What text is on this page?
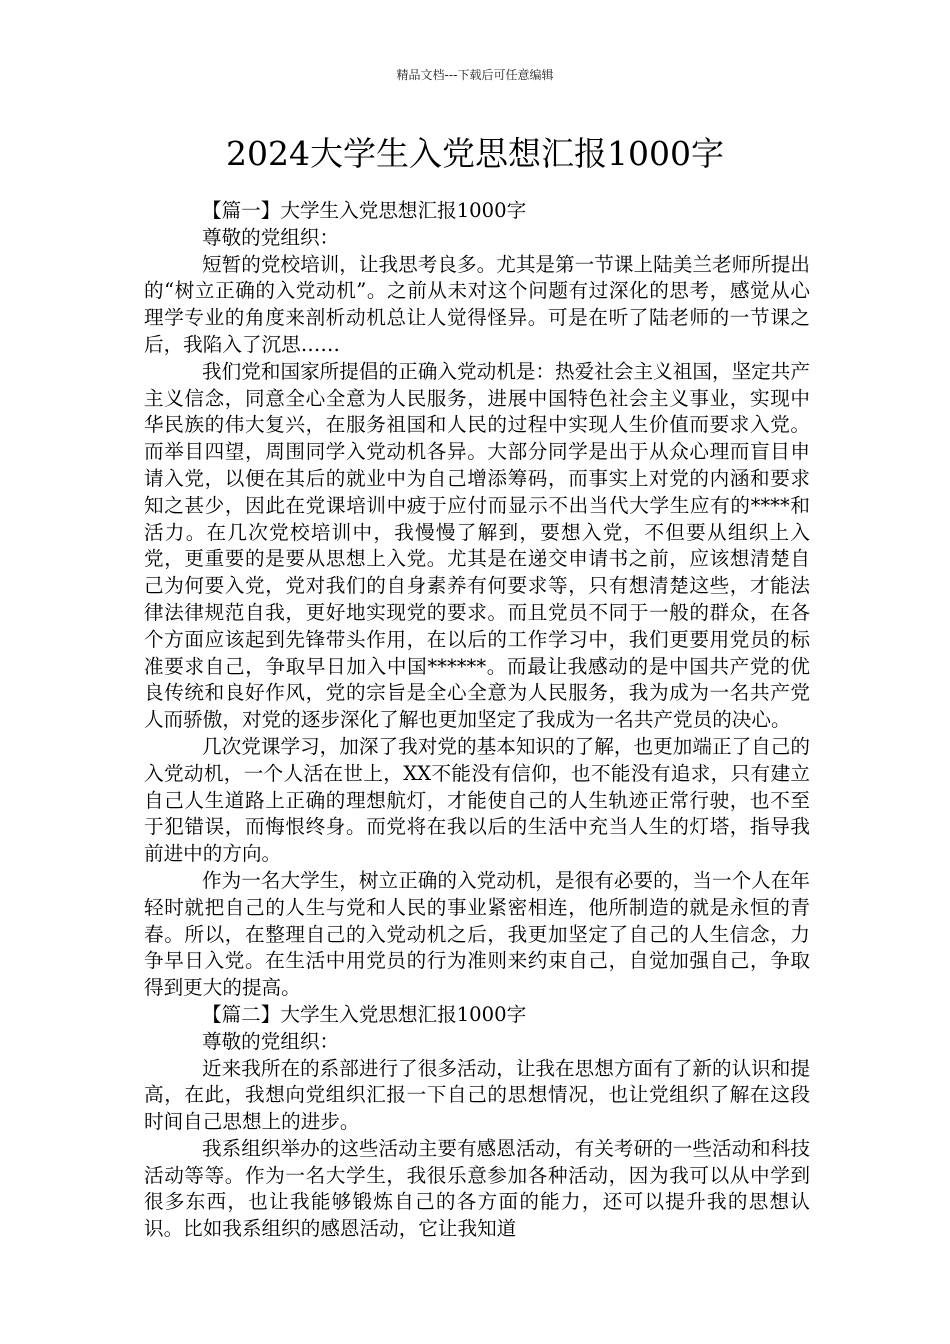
精品文档---下载后可任意编辑
2024大学生入党思想汇报1000字

【篇一】大学生入党思想汇报1000字

尊敬的党组织：

短暂的党校培训，让我思考良多。尤其是第一节课上陆美兰老师所提出的“树立正确的入党动机”。之前从未对这个问题有过深化的思考，感觉从心理学专业的角度来剖析动机总让人觉得怪异。可是在听了陆老师的一节课之后，我陷入了沉思……

我们党和国家所提倡的正确入党动机是：热爱社会主义祖国，坚定共产主义信念，同意全心全意为人民服务，进展中国特色社会主义事业，实现中华民族的伟大复兴，在服务祖国和人民的过程中实现人生价值而要求入党。而举目四望，周围同学入党动机各异。大部分同学是出于从众心理而盲目申请入党，以便在其后的就业中为自己增添筹码，而事实上对党的内涵和要求知之甚少，因此在党课培训中疲于应付而显示不出当代大学生应有的****和活力。在几次党校培训中，我慢慢了解到，要想入党，不但要从组织上入党，更重要的是要从思想上入党。尤其是在递交申请书之前，应该想清楚自己为何要入党，党对我们的自身素养有何要求等，只有想清楚这些，才能法律法律规范自我，更好地实现党的要求。而且党员不同于一般的群众，在各个方面应该起到先锋带头作用，在以后的工作学习中，我们更要用党员的标准要求自己，争取早日加入中国******。而最让我感动的是中国共产党的优良传统和良好作风，党的宗旨是全心全意为人民服务，我为成为一名共产党人而骄傲，对党的逐步深化了解也更加坚定了我成为一名共产党员的决心。

几次党课学习，加深了我对党的基本知识的了解，也更加端正了自己的入党动机，一个人活在世上，XX不能没有信仰，也不能没有追求，只有建立自己人生道路上正确的理想航灯，才能使自己的人生轨迹正常行驶，也不至于犯错误，而悔恨终身。而党将在我以后的生活中充当人生的灯塔，指导我前进中的方向。

作为一名大学生，树立正确的入党动机，是很有必要的，当一个人在年轻时就把自己的人生与党和人民的事业紧密相连，他所制造的就是永恒的青春。所以，在整理自己的入党动机之后，我更加坚定了自己的人生信念，力争早日入党。在生活中用党员的行为准则来约束自己，自觉加强自己，争取得到更大的提高。

【篇二】大学生入党思想汇报1000字

尊敬的党组织：

近来我所在的系部进行了很多活动，让我在思想方面有了新的认识和提高，在此，我想向党组织汇报一下自己的思想情况，也让党组织了解在这段时间自己思想上的进步。

我系组织举办的这些活动主要有感恩活动，有关考研的一些活动和科技活动等等。作为一名大学生，我很乐意参加各种活动，因为我可以从中学到很多东西，也让我能够锻炼自己的各方面的能力，还可以提升我的思想认识。比如我系组织的感恩活动，它让我知道
